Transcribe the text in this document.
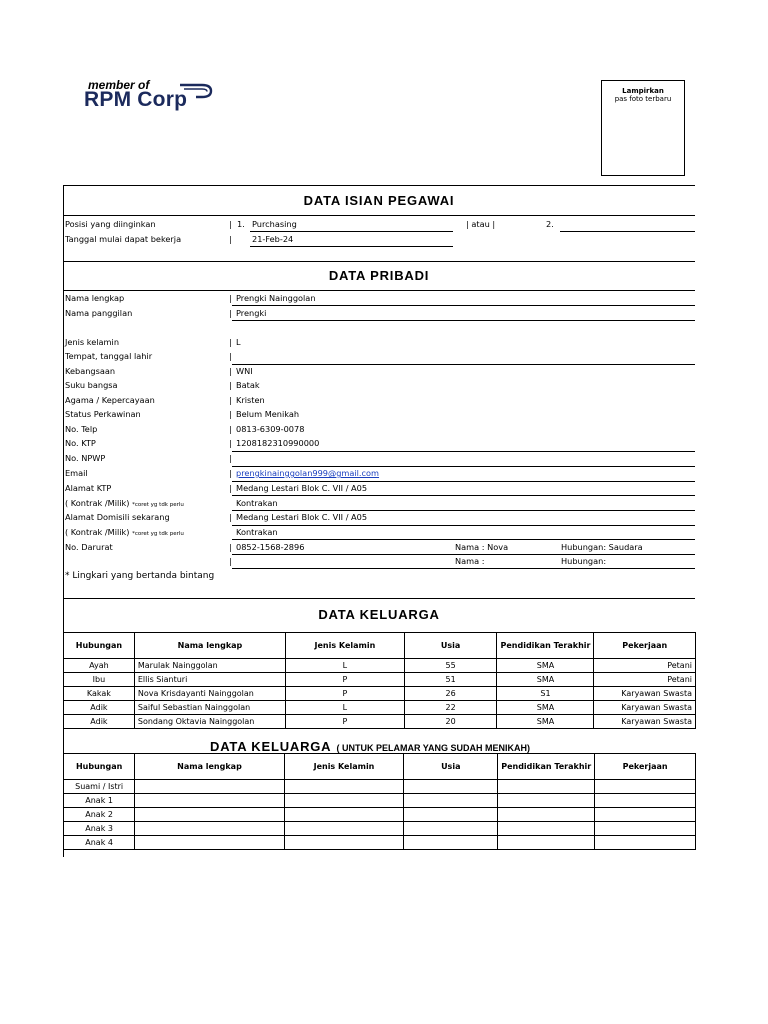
member of
RPM Corp	Lampirkan
pas foto terbaru
DATA ISIAN PEGAWAI
Posisi yang diinginkan	| 1. Purchasing	| atau |	2.
Tanggal mulai dapat bekerja	| 21-Feb-24
DATA PRIBADI
Nama lengkap	| Prengki Nainggolan
Nama panggilan	| Prengki
Jenis kelamin	| L
Tempat, tanggal lahir	|
Kebangsaan	| WNI
Suku bangsa	| Batak
Agama / Kepercayaan	| Kristen
Status Perkawinan	| Belum Menikah
No. Telp	| 0813-6309-0078
No. KTP	| 1208182310990000
No. NPWP	|
Email	| prengkinainggolan999@gmail.com
Alamat KTP	| Medang Lestari Blok C. VII / A05
( Kontrak /Milik) *coret yg tdk perlu	Kontrakan
Alamat Domisili sekarang	| Medang Lestari Blok C. VII / A05
( Kontrak /Milik) *coret yg tdk perlu	Kontrakan
No. Darurat	| 0852-1568-2896	Nama : Nova	Hubungan: Saudara
|	Nama :	Hubungan:
* Lingkari yang bertanda bintang
DATA KELUARGA
Hubungan	Nama lengkap	Jenis Kelamin	Usia	Pendidikan Terakhir	Pekerjaan
Ayah	Marulak Nainggolan	L	55	SMA	Petani
Ibu	Ellis Sianturi	P	51	SMA	Petani
Kakak	Nova Krisdayanti Nainggolan	P	26	S1	Karyawan Swasta
Adik	Saiful Sebastian Nainggolan	L	22	SMA	Karyawan Swasta
Adik	Sondang Oktavia Nainggolan	P	20	SMA	Karyawan Swasta
DATA KELUARGA ( UNTUK PELAMAR YANG SUDAH MENIKAH)
Hubungan	Nama lengkap	Jenis Kelamin	Usia	Pendidikan Terakhir	Pekerjaan
Suami / Istri					
Anak 1					
Anak 2					
Anak 3					
Anak 4					
